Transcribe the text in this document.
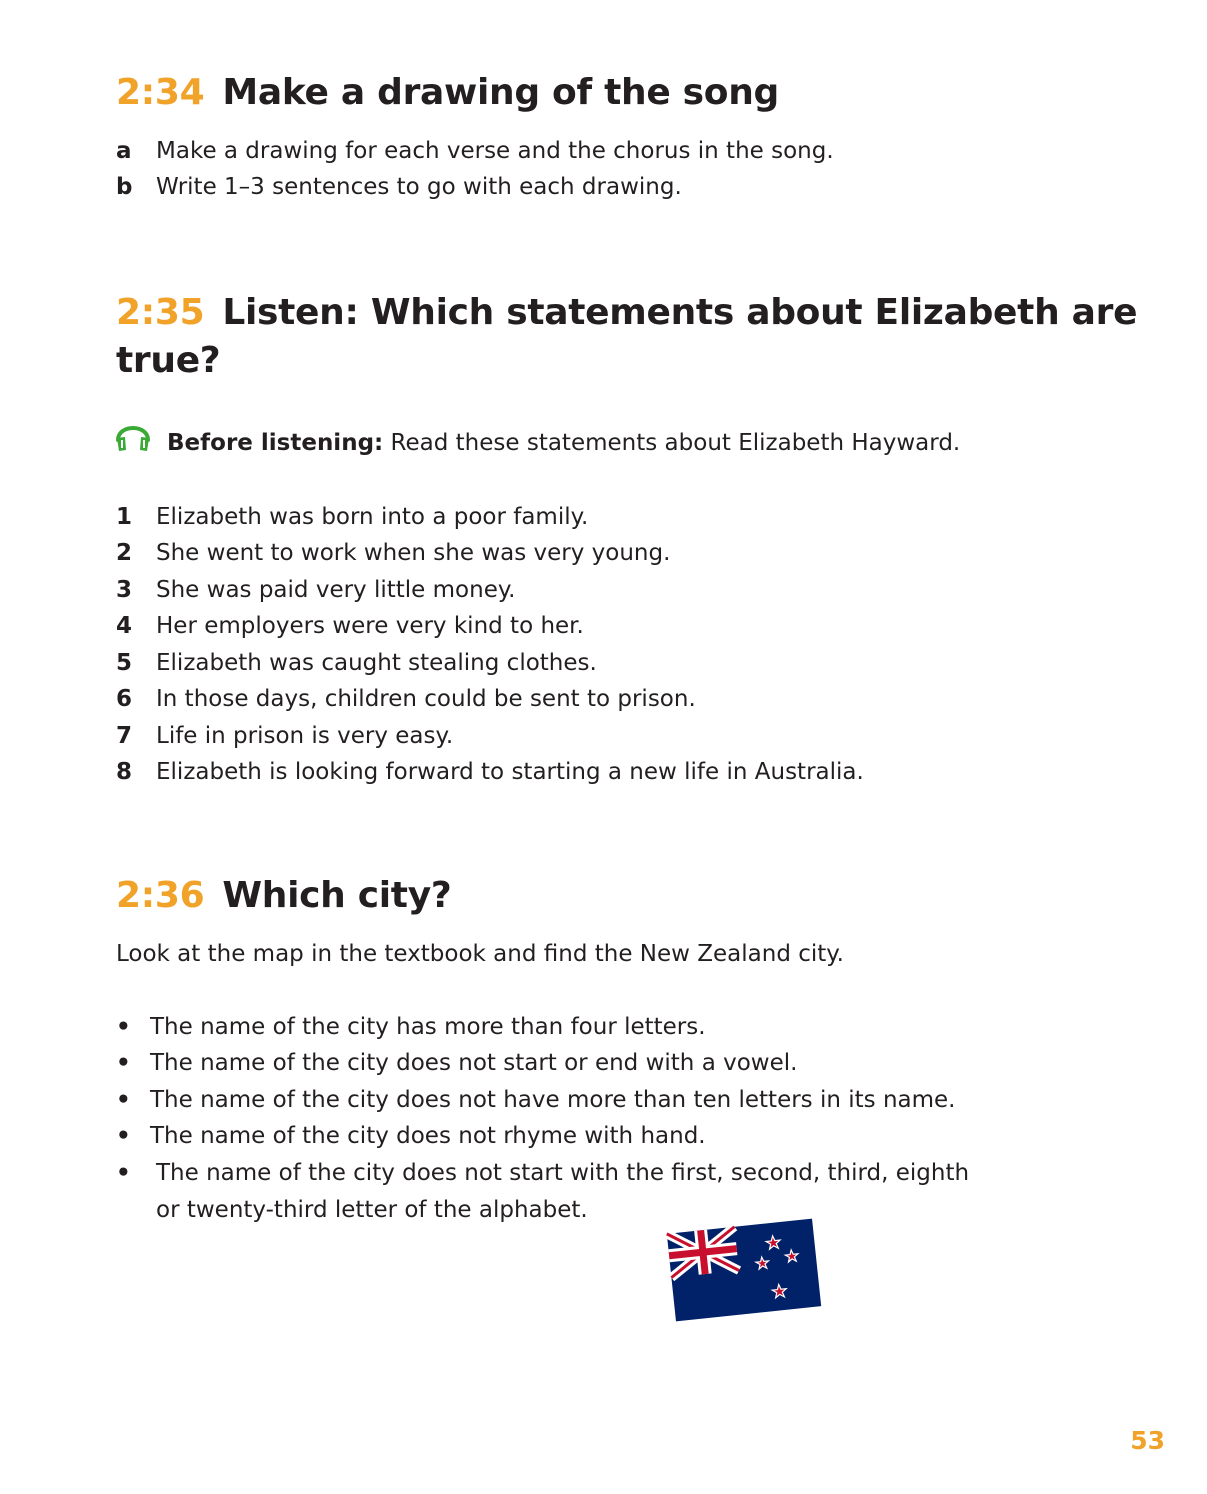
2:34 Make a drawing of the song
a Make a drawing for each verse and the chorus in the song.
b Write 1–3 sentences to go with each drawing.
2:35 Listen: Which statements about Elizabeth are
true?
Before listening: Read these statements about Elizabeth Hayward.
1 Elizabeth was born into a poor family.
2 She went to work when she was very young.
3 She was paid very little money.
4 Her employers were very kind to her.
5 Elizabeth was caught stealing clothes.
6 In those days, children could be sent to prison.
7 Life in prison is very easy.
8 Elizabeth is looking forward to starting a new life in Australia.
2:36 Which city?
Look at the map in the textbook and find the New Zealand city.
• The name of the city has more than four letters.
• The name of the city does not start or end with a vowel.
• The name of the city does not have more than ten letters in its name.
• The name of the city does not rhyme with hand.
• The name of the city does not start with the first, second, third, eighth
or twenty-third letter of the alphabet.
53
